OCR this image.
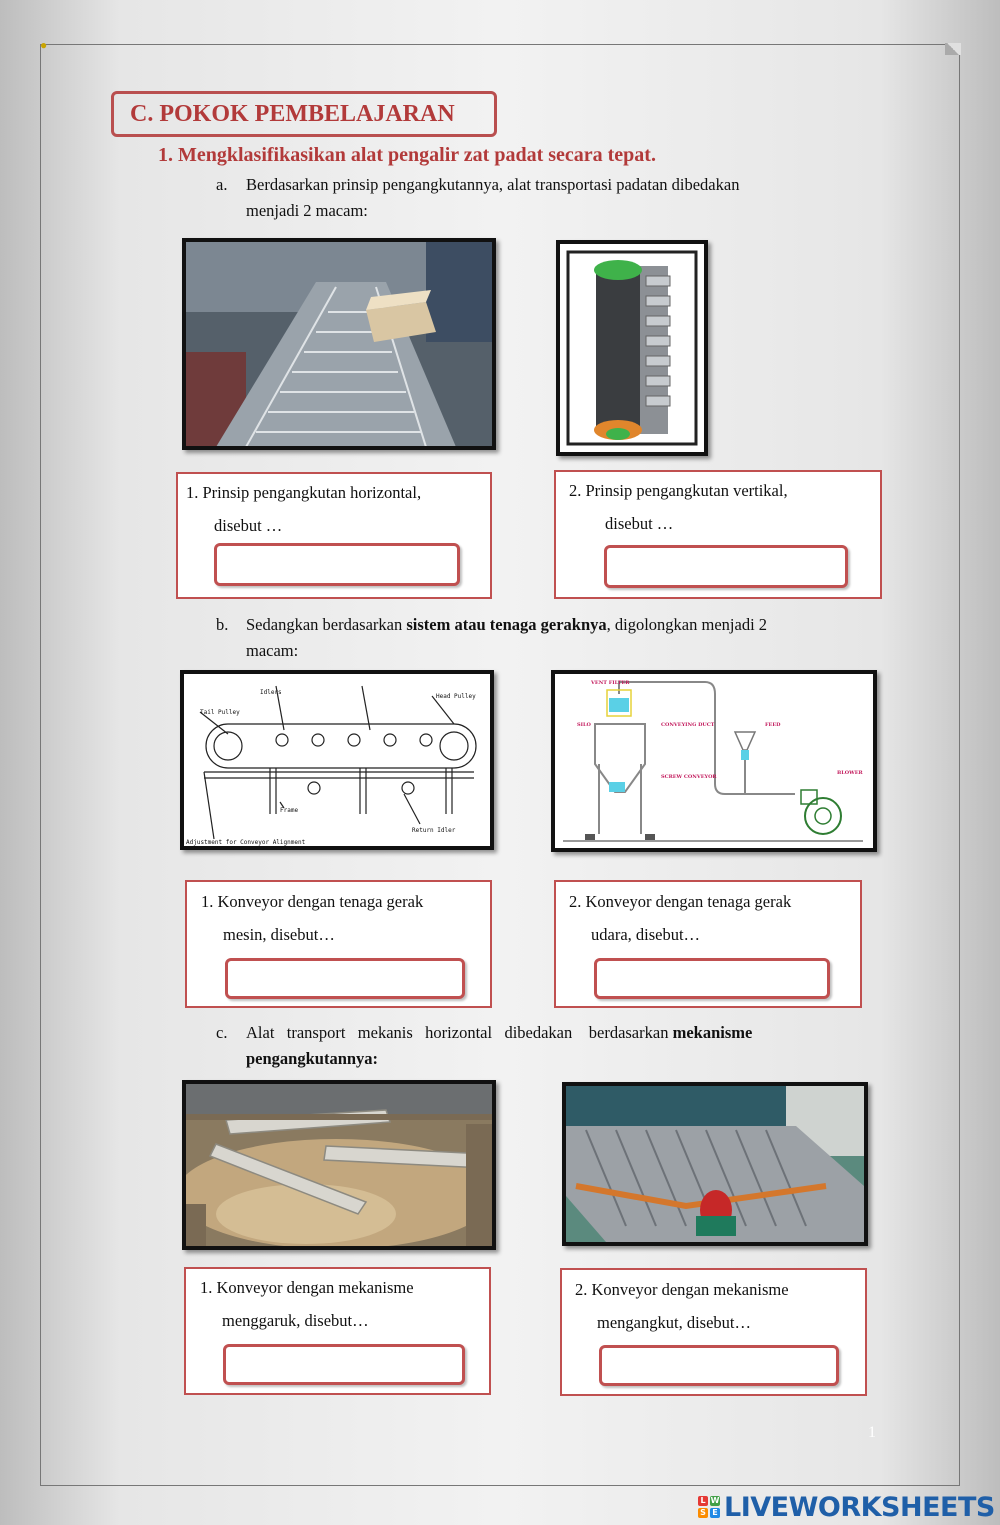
●
C. POKOK PEMBELAJARAN
1. Mengklasifikasikan alat pengalir zat padat secara tepat.
a. Berdasarkan prinsip pengangkutannya, alat transportasi padatan dibedakan
menjadi 2 macam:
1. Prinsip pengangkutan horizontal,
disebut …
2. Prinsip pengangkutan vertikal,
disebut …
b. Sedangkan berdasarkan sistem atau tenaga geraknya, digolongkan menjadi 2
macam:
Idlers
Head Pulley
Tail Pulley
Frame
Return Idler
Adjustment for Conveyor Alignment
VENT FILTER
SILO	CONVEYING DUCT	FEED
SCREW CONVEYOR
BLOWER
1. Konveyor dengan tenaga gerak
mesin, disebut…
2. Konveyor dengan tenaga gerak
udara, disebut…
c. Alat   transport   mekanis   horizontal   dibedakan    berdasarkan mekanisme
pengangkutannya:
1. Konveyor dengan mekanisme
menggaruk, disebut…
2. Konveyor dengan mekanisme
mengangkut, disebut…
1
L W
S E LIVEWORKSHEETS
